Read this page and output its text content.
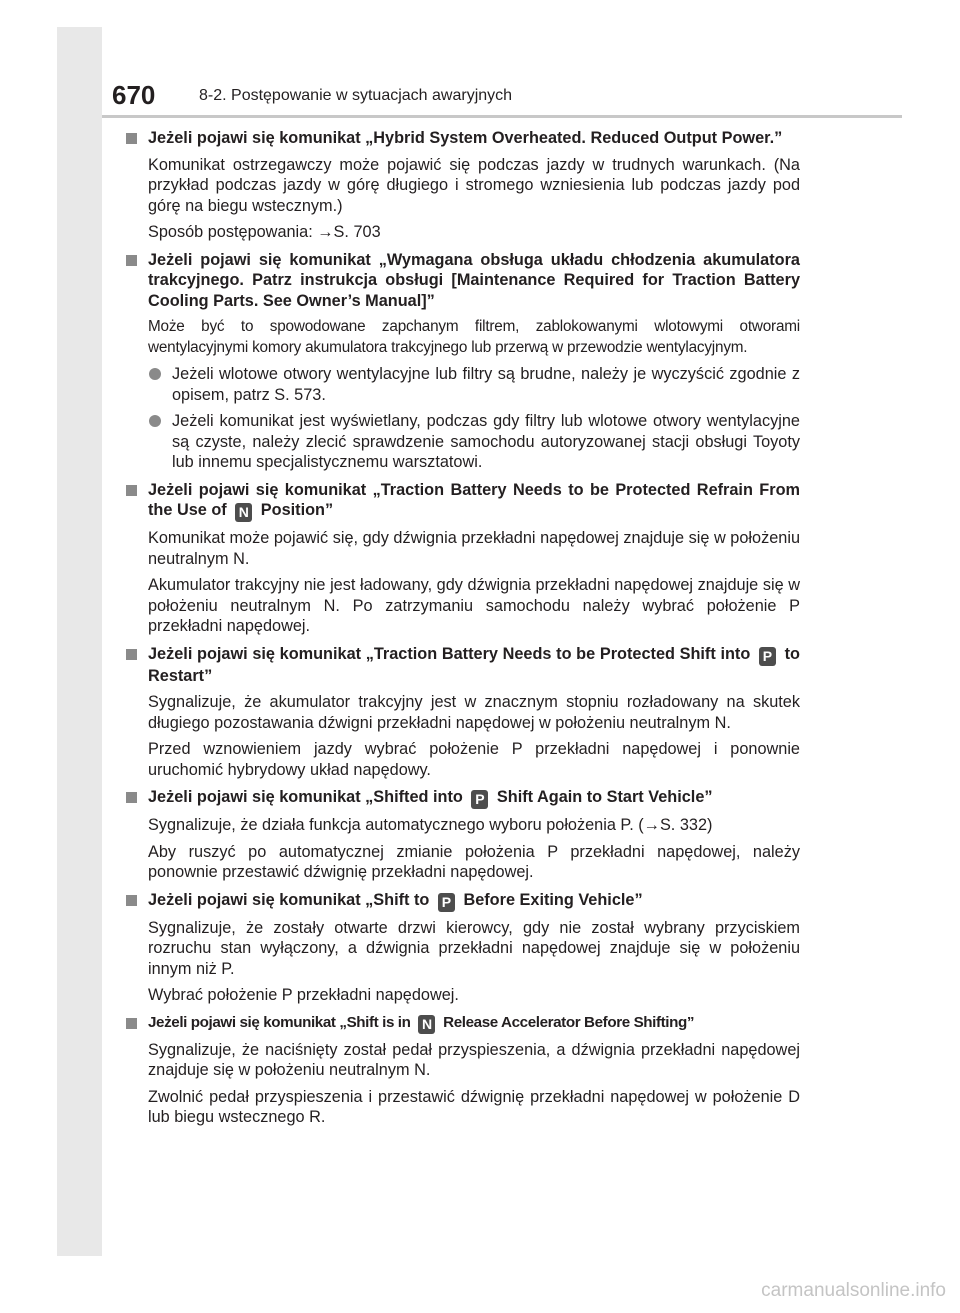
670	8-2. Postępowanie w sytuacjach awaryjnych
Jeżeli pojawi się komunikat „Hybrid System Overheated. Reduced Output Power.”
Komunikat ostrzegawczy może pojawić się podczas jazdy w trudnych warunkach. (Na przykład podczas jazdy w górę długiego i stromego wzniesienia lub podczas jazdy pod górę na biegu wstecznym.)
Sposób postępowania: →S. 703
Jeżeli pojawi się komunikat „Wymagana obsługa układu chłodzenia akumulatora trakcyjnego. Patrz instrukcja obsługi [Maintenance Required for Traction Battery Cooling Parts. See Owner’s Manual]”
Może być to spowodowane zapchanym filtrem, zablokowanymi wlotowymi otworami wentylacyjnymi komory akumulatora trakcyjnego lub przerwą w przewodzie wentylacyjnym.
Jeżeli wlotowe otwory wentylacyjne lub filtry są brudne, należy je wyczyścić zgodnie z opisem, patrz S. 573.
Jeżeli komunikat jest wyświetlany, podczas gdy filtry lub wlotowe otwory wentylacyjne są czyste, należy zlecić sprawdzenie samochodu autoryzowanej stacji obsługi Toyoty lub innemu specjalistycznemu warsztatowi.
Jeżeli pojawi się komunikat „Traction Battery Needs to be Protected Refrain From the Use of N Position”
Komunikat może pojawić się, gdy dźwignia przekładni napędowej znajduje się w położeniu neutralnym N.
Akumulator trakcyjny nie jest ładowany, gdy dźwignia przekładni napędowej znajduje się w położeniu neutralnym N. Po zatrzymaniu samochodu należy wybrać położenie P przekładni napędowej.
Jeżeli pojawi się komunikat „Traction Battery Needs to be Protected Shift into P to Restart”
Sygnalizuje, że akumulator trakcyjny jest w znacznym stopniu rozładowany na skutek długiego pozostawania dźwigni przekładni napędowej w położeniu neutralnym N.
Przed wznowieniem jazdy wybrać położenie P przekładni napędowej i ponownie uruchomić hybrydowy układ napędowy.
Jeżeli pojawi się komunikat „Shifted into P Shift Again to Start Vehicle”
Sygnalizuje, że działa funkcja automatycznego wyboru położenia P. (→S. 332)
Aby ruszyć po automatycznej zmianie położenia P przekładni napędowej, należy ponownie przestawić dźwignię przekładni napędowej.
Jeżeli pojawi się komunikat „Shift to P Before Exiting Vehicle”
Sygnalizuje, że zostały otwarte drzwi kierowcy, gdy nie został wybrany przyciskiem rozruchu stan wyłączony, a dźwignia przekładni napędowej znajduje się w położeniu innym niż P.
Wybrać położenie P przekładni napędowej.
Jeżeli pojawi się komunikat „Shift is in N Release Accelerator Before Shifting”
Sygnalizuje, że naciśnięty został pedał przyspieszenia, a dźwignia przekładni napędowej znajduje się w położeniu neutralnym N.
Zwolnić pedał przyspieszenia i przestawić dźwignię przekładni napędowej w położenie D lub biegu wstecznego R.
carmanualsonline.info
